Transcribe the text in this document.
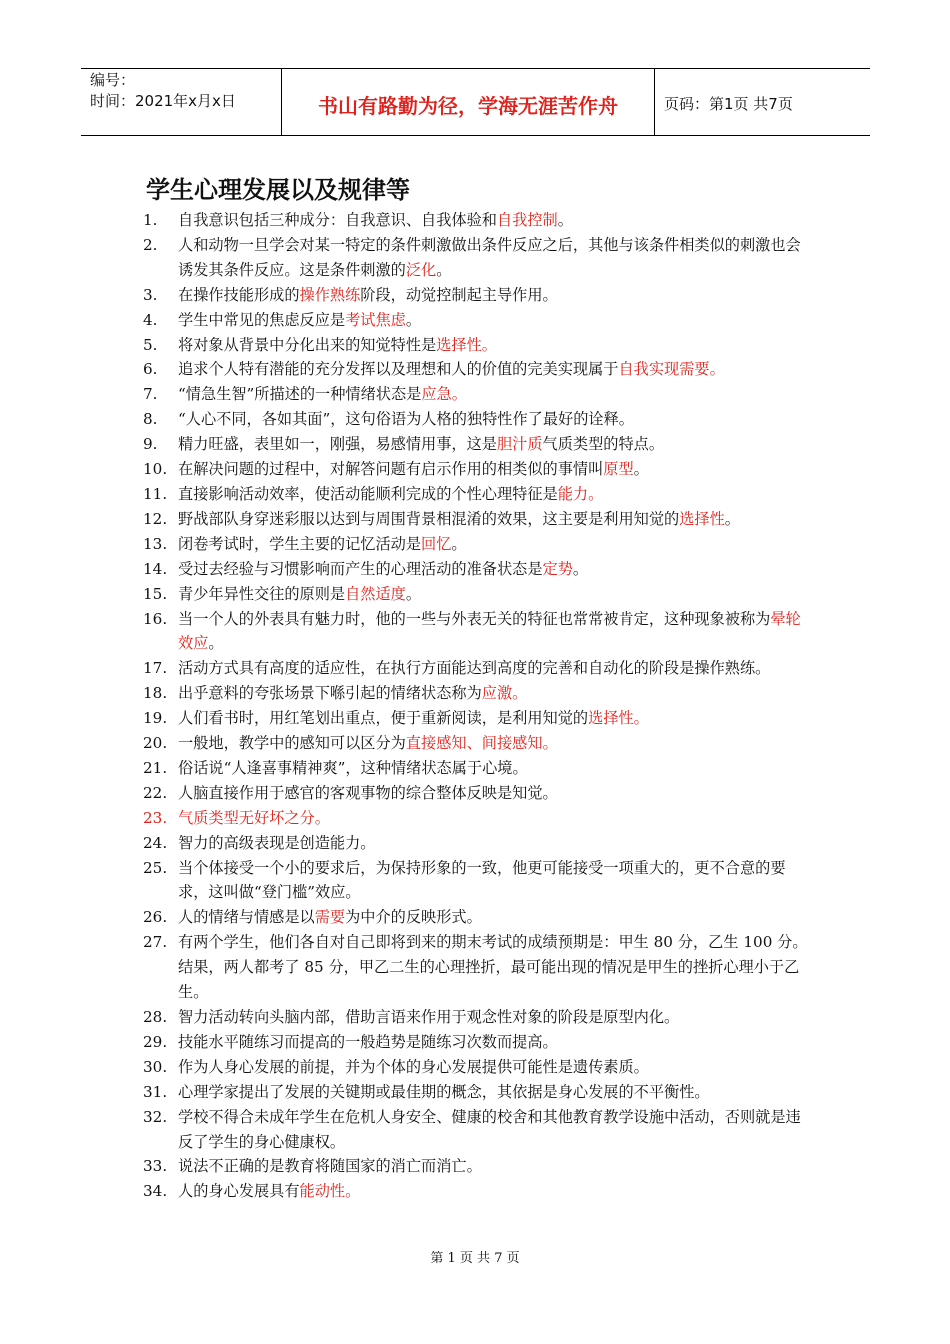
编号：
时间：2021年x月x日	书山有路勤为径，学海无涯苦作舟	页码：第1页 共7页
学生心理发展以及规律等
1.	自我意识包括三种成分：自我意识、自我体验和自我控制。
2.	人和动物一旦学会对某一特定的条件刺激做出条件反应之后，其他与该条件相类似的刺激也会诱发其条件反应。这是条件刺激的泛化。
3.	在操作技能形成的操作熟练阶段，动觉控制起主导作用。
4.	学生中常见的焦虑反应是考试焦虑。
5.	将对象从背景中分化出来的知觉特性是选择性。
6.	追求个人特有潜能的充分发挥以及理想和人的价值的完美实现属于自我实现需要。
7.	“情急生智”所描述的一种情绪状态是应急。
8.	“人心不同，各如其面”，这句俗语为人格的独特性作了最好的诠释。
9.	精力旺盛，表里如一，刚强，易感情用事，这是胆汁质气质类型的特点。
10. 在解决问题的过程中，对解答问题有启示作用的相类似的事情叫原型。
11. 直接影响活动效率，使活动能顺利完成的个性心理特征是能力。
12. 野战部队身穿迷彩服以达到与周围背景相混淆的效果，这主要是利用知觉的选择性。
13. 闭卷考试时，学生主要的记忆活动是回忆。
14. 受过去经验与习惯影响而产生的心理活动的准备状态是定势。
15. 青少年异性交往的原则是自然适度。
16. 当一个人的外表具有魅力时，他的一些与外表无关的特征也常常被肯定，这种现象被称为晕轮效应。
17. 活动方式具有高度的适应性，在执行方面能达到高度的完善和自动化的阶段是操作熟练。
18. 出乎意料的夸张场景下喺引起的情绪状态称为应激。
19. 人们看书时，用红笔划出重点，便于重新阅读，是利用知觉的选择性。
20. 一般地，教学中的感知可以区分为直接感知、间接感知。
21. 俗话说“人逢喜事精神爽”，这种情绪状态属于心境。
22. 人脑直接作用于感官的客观事物的综合整体反映是知觉。
23. 气质类型无好坏之分。
24. 智力的高级表现是创造能力。
25. 当个体接受一个小的要求后，为保持形象的一致，他更可能接受一项重大的，更不合意的要求，这叫做“登门槛”效应。
26. 人的情绪与情感是以需要为中介的反映形式。
27. 有两个学生，他们各自对自己即将到来的期末考试的成绩预期是：甲生 80 分，乙生 100 分。结果，两人都考了 85 分，甲乙二生的心理挫折，最可能出现的情况是甲生的挫折心理小于乙生。
28. 智力活动转向头脑内部，借助言语来作用于观念性对象的阶段是原型内化。
29. 技能水平随练习而提高的一般趋势是随练习次数而提高。
30. 作为人身心发展的前提，并为个体的身心发展提供可能性是遗传素质。
31. 心理学家提出了发展的关键期或最佳期的概念，其依据是身心发展的不平衡性。
32. 学校不得合未成年学生在危机人身安全、健康的校舍和其他教育教学设施中活动，否则就是违反了学生的身心健康权。
33. 说法不正确的是教育将随国家的消亡而消亡。
34. 人的身心发展具有能动性。
第 1 页 共 7 页
